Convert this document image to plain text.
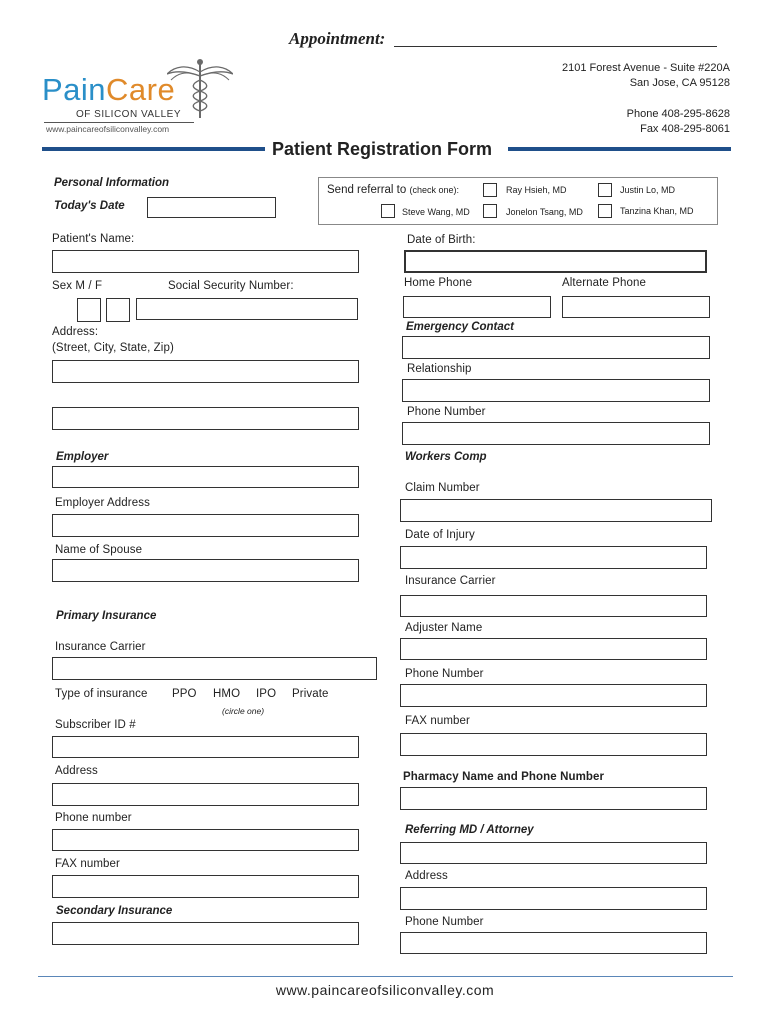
Appointment:
PainCare
OF SILICON VALLEY
www.paincareofsiliconvalley.com
2101 Forest Avenue - Suite #220A
San Jose, CA 95128
Phone 408-295-8628
Fax 408-295-8061
Patient Registration Form
Personal Information
Today's Date
Send referral to (check one):	Ray Hsieh, MD	Justin Lo, MD
Steve Wang, MD	Jonelon Tsang, MD	Tanzina Khan, MD
Patient's Name:
Sex M / F	Social Security Number:
Address:
(Street, City, State, Zip)
Date of Birth:
Home Phone	Alternate Phone
Emergency Contact
Relationship
Phone Number
Employer
Employer Address
Name of Spouse
Workers Comp
Claim Number
Date of Injury
Insurance Carrier
Adjuster Name
Phone Number
FAX number
Primary Insurance
Insurance Carrier
Type of insurance PPO HMO IPO Private
(circle one)
Subscriber ID #
Address
Phone number
FAX number
Secondary Insurance
Pharmacy Name and Phone Number
Referring MD / Attorney
Address
Phone Number
www.paincareofsiliconvalley.com
